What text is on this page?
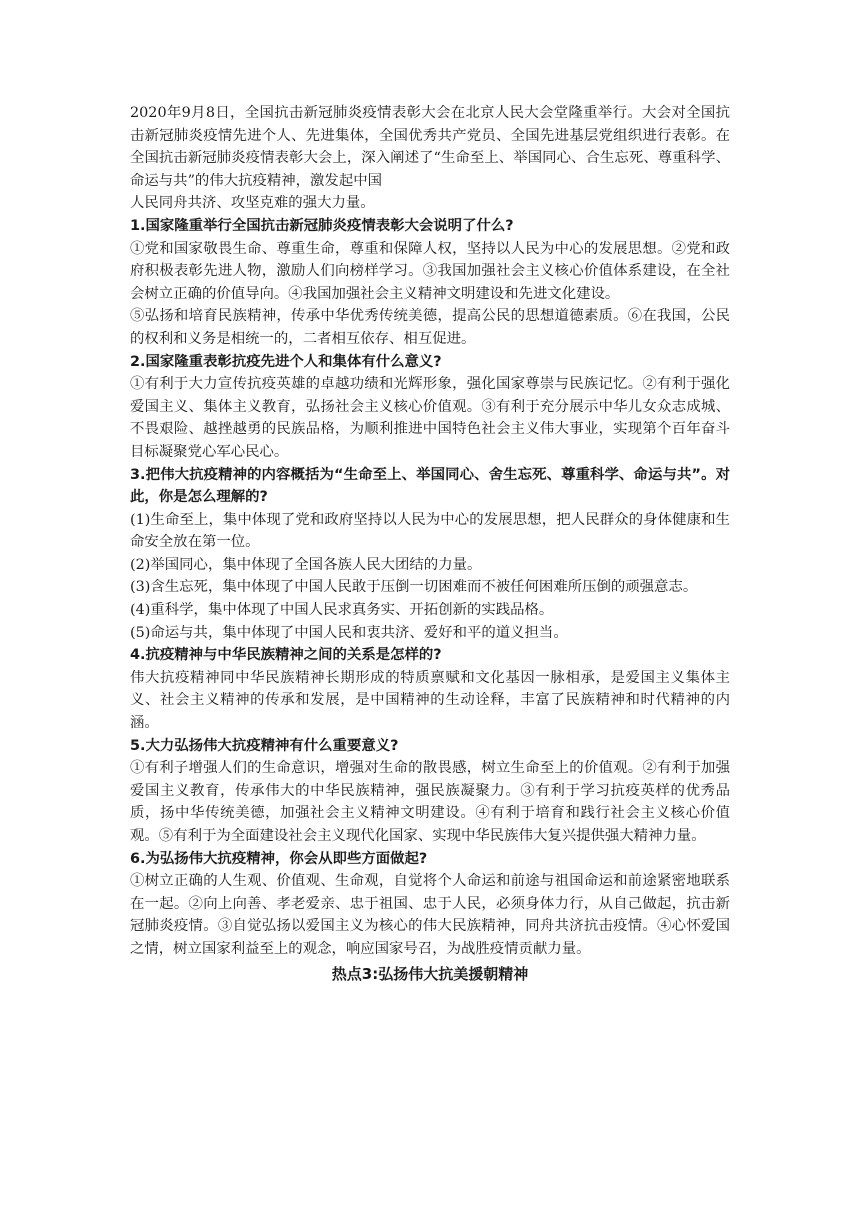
2020年9月8日，全国抗击新冠肺炎疫情表彰大会在北京人民大会堂隆重举行。大会对全国抗击新冠肺炎疫情先进个人、先进集体，全国优秀共产党员、全国先进基层党组织进行表彰。在全国抗击新冠肺炎疫情表彰大会上，深入阐述了“生命至上、举国同心、合生忘死、尊重科学、命运与共”的伟大抗疫精神，激发起中国

人民同舟共济、攻坚克难的强大力量。

1.国家隆重举行全国抗击新冠肺炎疫情表彰大会说明了什么?

①党和国家敬畏生命、尊重生命，尊重和保障人权，坚持以人民为中心的发展思想。②党和政府积极表彰先进人物，激励人们向榜样学习。③我国加强社会主义核心价值体系建设，在全社会树立正确的价值导向。④我国加强社会主义精神文明建设和先进文化建设。

⑤弘扬和培育民族精神，传承中华优秀传统美德，提高公民的思想道德素质。⑥在我国，公民的权利和义务是相统一的，二者相互依存、相互促进。

2.国家隆重表彰抗疫先进个人和集体有什么意义?

①有利于大力宣传抗疫英雄的卓越功绩和光辉形象，强化国家尊崇与民族记忆。②有利于强化爱国主义、集体主义教育，弘扬社会主义核心价值观。③有利于充分展示中华儿女众志成城、不畏艰险、越挫越勇的民族品格，为顺利推进中国特色社会主义伟大事业，实现第个百年奋斗目标凝聚党心军心民心。

3.把伟大抗疫精神的内容概括为“生命至上、举国同心、舍生忘死、尊重科学、命运与共”。对此，你是怎么理解的?

(1)生命至上，集中体现了党和政府坚持以人民为中心的发展思想，把人民群众的身体健康和生命安全放在第一位。

(2)举国同心，集中体现了全国各族人民大团结的力量。

(3)含生忘死，集中体现了中国人民敢于压倒一切困难而不被任何困难所压倒的顽强意志。

(4)重科学，集中体现了中国人民求真务实、开拓创新的实践品格。

(5)命运与共，集中体现了中国人民和衷共济、爱好和平的道义担当。

4.抗疫精神与中华民族精神之间的关系是怎样的?

伟大抗疫精神同中华民族精神长期形成的特质禀赋和文化基因一脉相承，是爱国主义集体主义、社会主义精神的传承和发展，是中国精神的生动诠释，丰富了民族精神和时代精神的内涵。

5.大力弘扬伟大抗疫精神有什么重要意义?

①有利子增强人们的生命意识，增强对生命的散畏感，树立生命至上的价值观。②有利于加强爱国主义教育，传承伟大的中华民族精神，强民族凝聚力。③有利于学习抗疫英样的优秀品质，扬中华传统美德，加强社会主义精神文明建设。④有利于培育和践行社会主义核心价值观。⑤有利于为全面建设社会主义现代化国家、实现中华民族伟大复兴提供强大精神力量。

6.为弘扬伟大抗疫精神，你会从即些方面做起?

①树立正确的人生观、价值观、生命观，自觉将个人命运和前途与祖国命运和前途紧密地联系在一起。②向上向善、孝老爱亲、忠于祖国、忠于人民，必须身体力行，从自己做起，抗击新冠肺炎疫情。③自觉弘扬以爱国主义为核心的伟大民族精神，同舟共济抗击疫情。④心怀爱国之情，树立国家利益至上的观念，响应国家号召，为战胜疫情贡献力量。

热点3:弘扬伟大抗美援朝精神
